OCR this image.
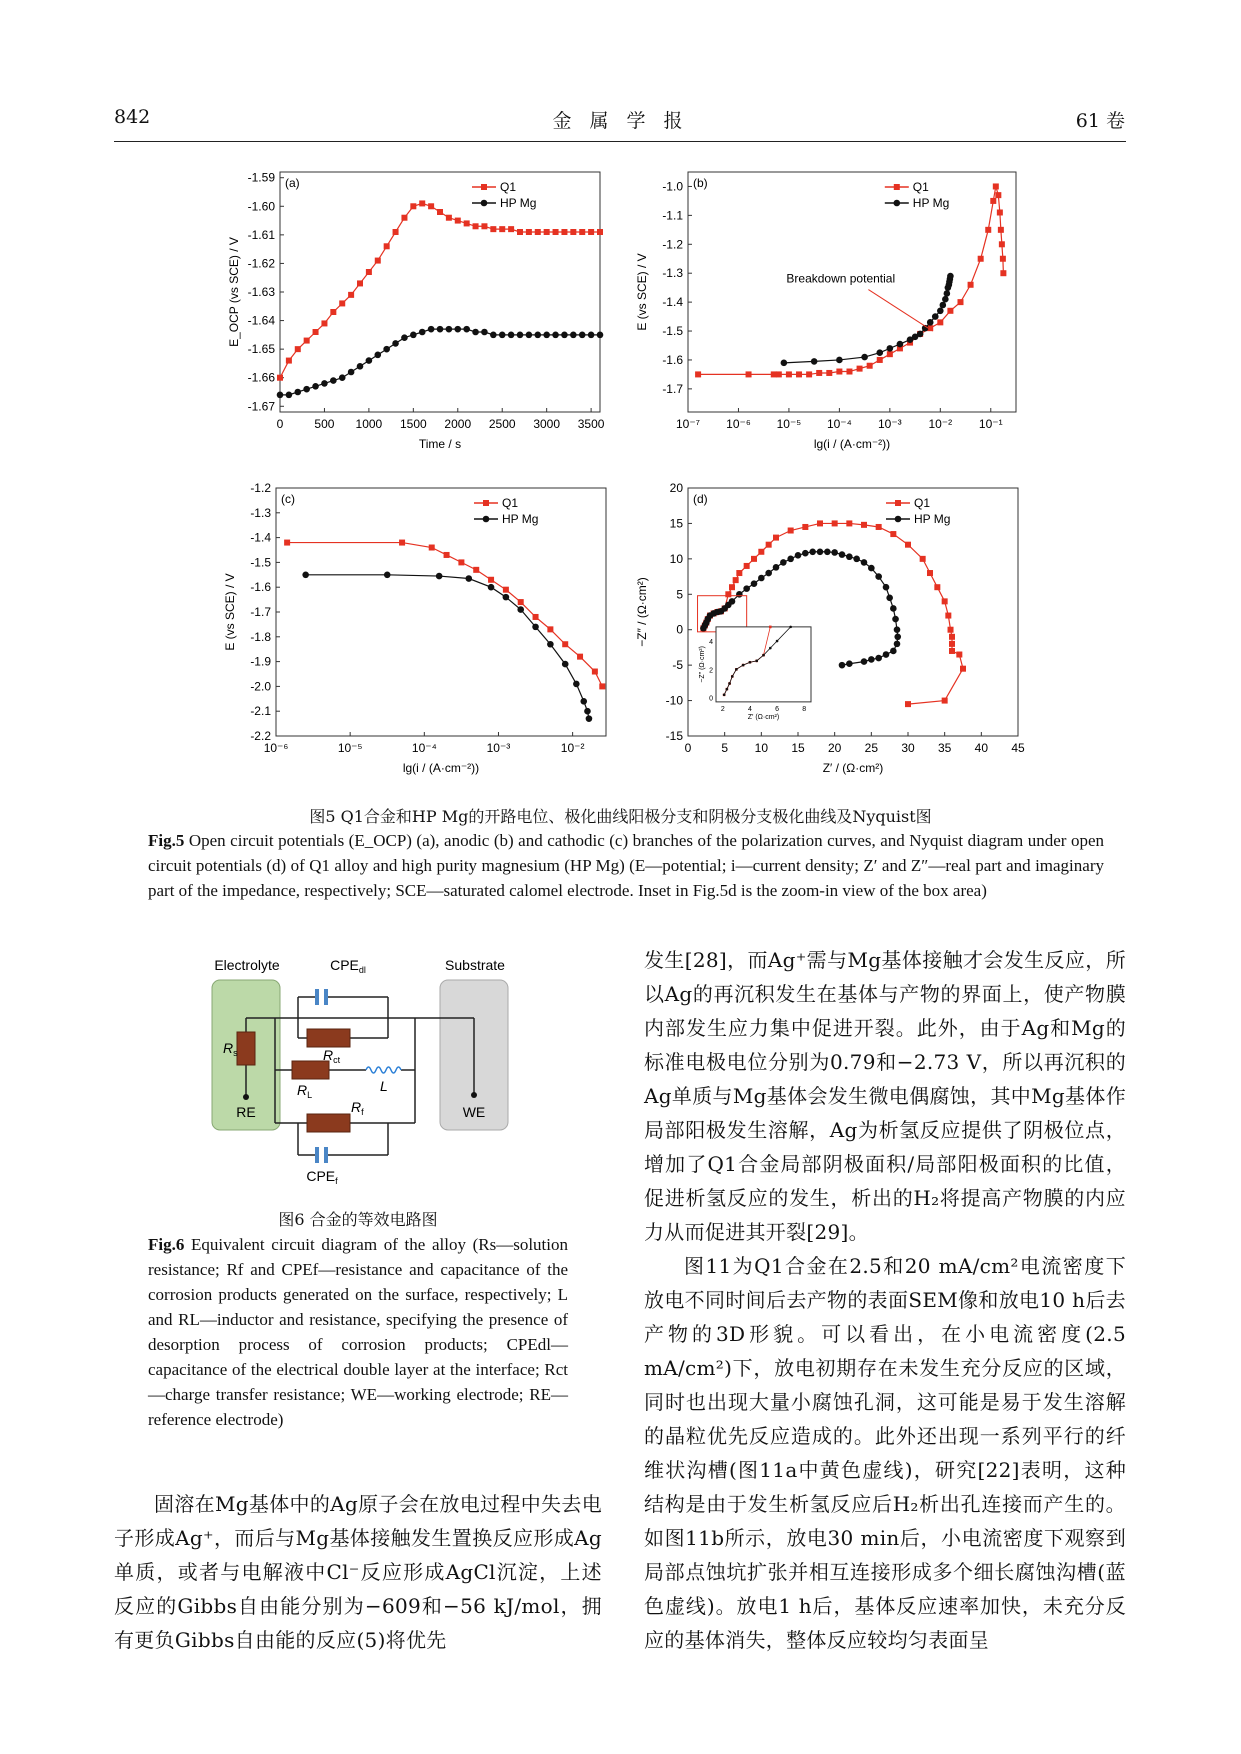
842	金 属 学 报	61 卷
0	500 1000 1500 2000 2500 3000 3500
-1.59
-1.60
-1.61
-1.62
-1.63
-1.64
-1.65
-1.66
-1.67
(a)
Time / s
E_OCP (vs SCE) / V
Q1
HP Mg
10⁻⁷ 10⁻⁶ 10⁻⁵ 10⁻⁴ 10⁻³ 10⁻² 10⁻¹
-1.0
-1.1
-1.2
-1.3
-1.4
-1.5
-1.6
-1.7
(b)
lg(i / (A·cm⁻²))
E (vs SCE) / V
Q1
HP Mg
Breakdown potential
10⁻⁶	10⁻⁵	10⁻⁴	10⁻³	10⁻²
-1.2
-1.3
-1.4
-1.5
-1.6
-1.7
-1.8
-1.9
-2.0
-2.1
-2.2
(c)
lg(i / (A·cm⁻²))
E (vs SCE) / V
Q1
HP Mg
0 5 10 15 20 25 30 35 40 45
20
15
10
5
0
-5
-10
-15
(d)
Z′ / (Ω·cm²)
−Z″ / (Ω·cm²)
Q1
HP Mg
2	4	6	8
4
2
0
Z′ (Ω·cm²)
−Z″ (Ω·cm²)
图5 Q1合金和HP Mg的开路电位、极化曲线阳极分支和阴极分支极化曲线及Nyquist图
Fig.5 Open circuit potentials (E_OCP) (a), anodic (b) and cathodic (c) branches of the polarization curves, and Nyquist diagram under open circuit potentials (d) of Q1 alloy and high purity magnesium (HP Mg) (E—potential; i—current density; Z′ and Z″—real part and imaginary part of the impedance, respectively; SCE—saturated calomel electrode. Inset in Fig.5d is the zoom-in view of the box area)
Electrolyte	Substrate
$CPE_{dl}$
$R_{ct}$
$R_s$
$R_L$
L
$R_f$
$CPE_f$
RE	WE
图6 合金的等效电路图
Fig.6 Equivalent circuit diagram of the alloy (Rs—solution resistance; Rf and CPEf—resistance and capacitance of the corrosion products generated on the surface, respectively; L and RL—inductor and resistance, specifying the presence of desorption process of corrosion products; CPEdl—capacitance of the electrical double layer at the interface; Rct—charge transfer resistance; WE—working electrode; RE—reference electrode)
固溶在Mg基体中的Ag原子会在放电过程中失去电子形成Ag⁺，而后与Mg基体接触发生置换反应形成Ag单质，或者与电解液中Cl⁻反应形成AgCl沉淀，上述反应的Gibbs自由能分别为−609和−56 kJ/mol，拥有更负Gibbs自由能的反应(5)将优先
发生[28]，而Ag⁺需与Mg基体接触才会发生反应，所以Ag的再沉积发生在基体与产物的界面上，使产物膜内部发生应力集中促进开裂。此外，由于Ag和Mg的标准电极电位分别为0.79和−2.73 V，所以再沉积的Ag单质与Mg基体会发生微电偶腐蚀，其中Mg基体作局部阳极发生溶解，Ag为析氢反应提供了阴极位点，增加了Q1合金局部阴极面积/局部阳极面积的比值，促进析氢反应的发生，析出的H₂将提高产物膜的内应力从而促进其开裂[29]。
图11为Q1合金在2.5和20 mA/cm²电流密度下放电不同时间后去产物的表面SEM像和放电10 h后去产物的3D形貌。可以看出，在小电流密度(2.5 mA/cm²)下，放电初期存在未发生充分反应的区域，同时也出现大量小腐蚀孔洞，这可能是易于发生溶解的晶粒优先反应造成的。此外还出现一系列平行的纤维状沟槽(图11a中黄色虚线)，研究[22]表明，这种结构是由于发生析氢反应后H₂析出孔连接而产生的。如图11b所示，放电30 min后，小电流密度下观察到局部点蚀坑扩张并相互连接形成多个细长腐蚀沟槽(蓝色虚线)。放电1 h后，基体反应速率加快，未充分反应的基体消失，整体反应较均匀表面呈
